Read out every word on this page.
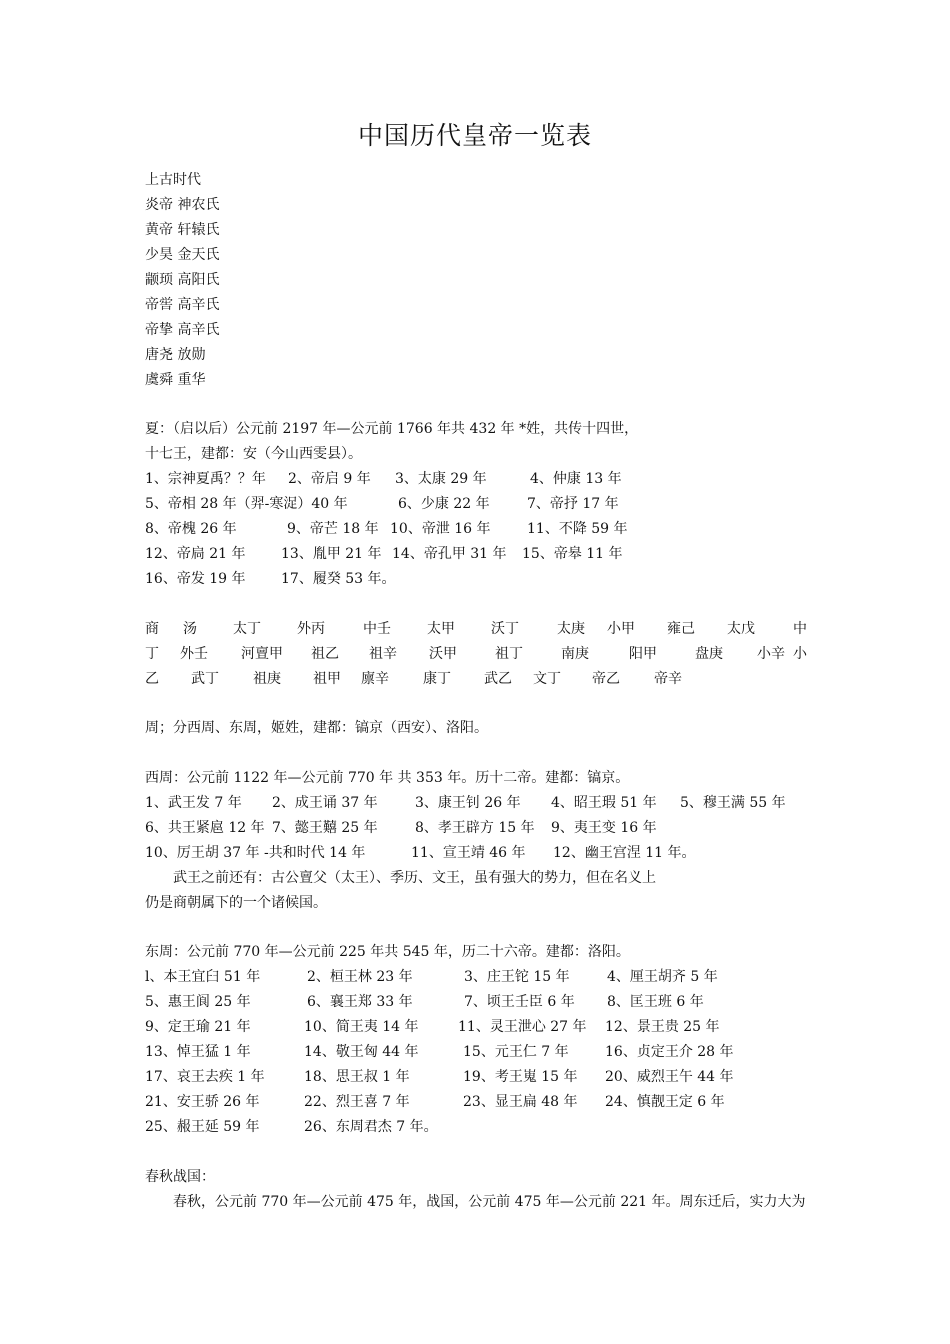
中国历代皇帝一览表
上古时代
炎帝 神农氏
黄帝 轩辕氏
少昊 金天氏
颛顼 高阳氏
帝喾 高辛氏
帝挚 高辛氏
唐尧 放勋
虞舜 重华
夏：（启以后）公元前 2197 年—公元前 1766 年共 432 年 *姓，共传十四世，
十七王，建都：安（今山西雯县）。
1、宗神夏禹？？年 2、帝启 9 年 3、太康 29 年	4、仲康 13 年
5、帝相 28 年（羿-寒浞）40 年	6、少康 22 年	7、帝抒 17 年
8、帝槐 26 年	9、帝芒 18 年 10、帝泄 16 年	11、不降 59 年
12、帝扃 21 年	13、胤甲 21 年 14、帝孔甲 31 年 15、帝皋 11 年
16、帝发 19 年	17、履癸 53 年。
商 汤	太丁	外丙	中壬	太甲	沃丁	太庚 小甲 雍己 太戊	中
丁 外壬 河亶甲 祖乙 祖辛 沃甲	祖丁	南庚	阳甲	盘庚 小辛 小
乙 武丁 祖庚 祖甲 廪辛 康丁 武乙 文丁 帝乙 帝辛
周；分西周、东周，姬姓，建都：镐京（西安）、洛阳。
西周：公元前 1122 年—公元前 770 年 共 353 年。历十二帝。建都：镐京。
1、武王发 7 年 2、成王诵 37 年	3、康王钊 26 年 4、昭王瑕 51 年 5、穆王满 55 年
6、共王紧扈 12 年 7、懿王囏 25 年	8、孝王辟方 15 年 9、夷王变 16 年
10、厉王胡 37 年 -共和时代 14 年	11、宣王靖 46 年 12、幽王宫涅 11 年。
武王之前还有：古公亶父（太王）、季历、文王，虽有强大的势力，但在名义上
仍是商朝属下的一个诸候国。
东周：公元前 770 年—公元前 225 年共 545 年，历二十六帝。建都：洛阳。
l、本王宜臼 51 年	2、桓王林 23 年	3、庄王铊 15 年	4、厘王胡齐 5 年
5、惠王阆 25 年	6、襄王郑 33 年	7、顷王壬臣 6 年 8、匡王班 6 年
9、定王瑜 21 年	10、简王夷 14 年	11、灵王泄心 27 年 12、景王贵 25 年
13、悼王猛 1 年	14、敬王匈 44 年	15、元王仁 7 年	16、贞定王介 28 年
17、哀王去疾 1 年	18、思王叔 1 年	19、考王嵬 15 年 20、威烈王午 44 年
21、安王骄 26 年	22、烈王喜 7 年	23、显王扁 48 年 24、慎靓王定 6 年
25、赧王延 59 年	26、东周君杰 7 年。
春秋战国：
春秋，公元前 770 年—公元前 475 年，战国，公元前 475 年—公元前 221 年。周东迁后，实力大为
